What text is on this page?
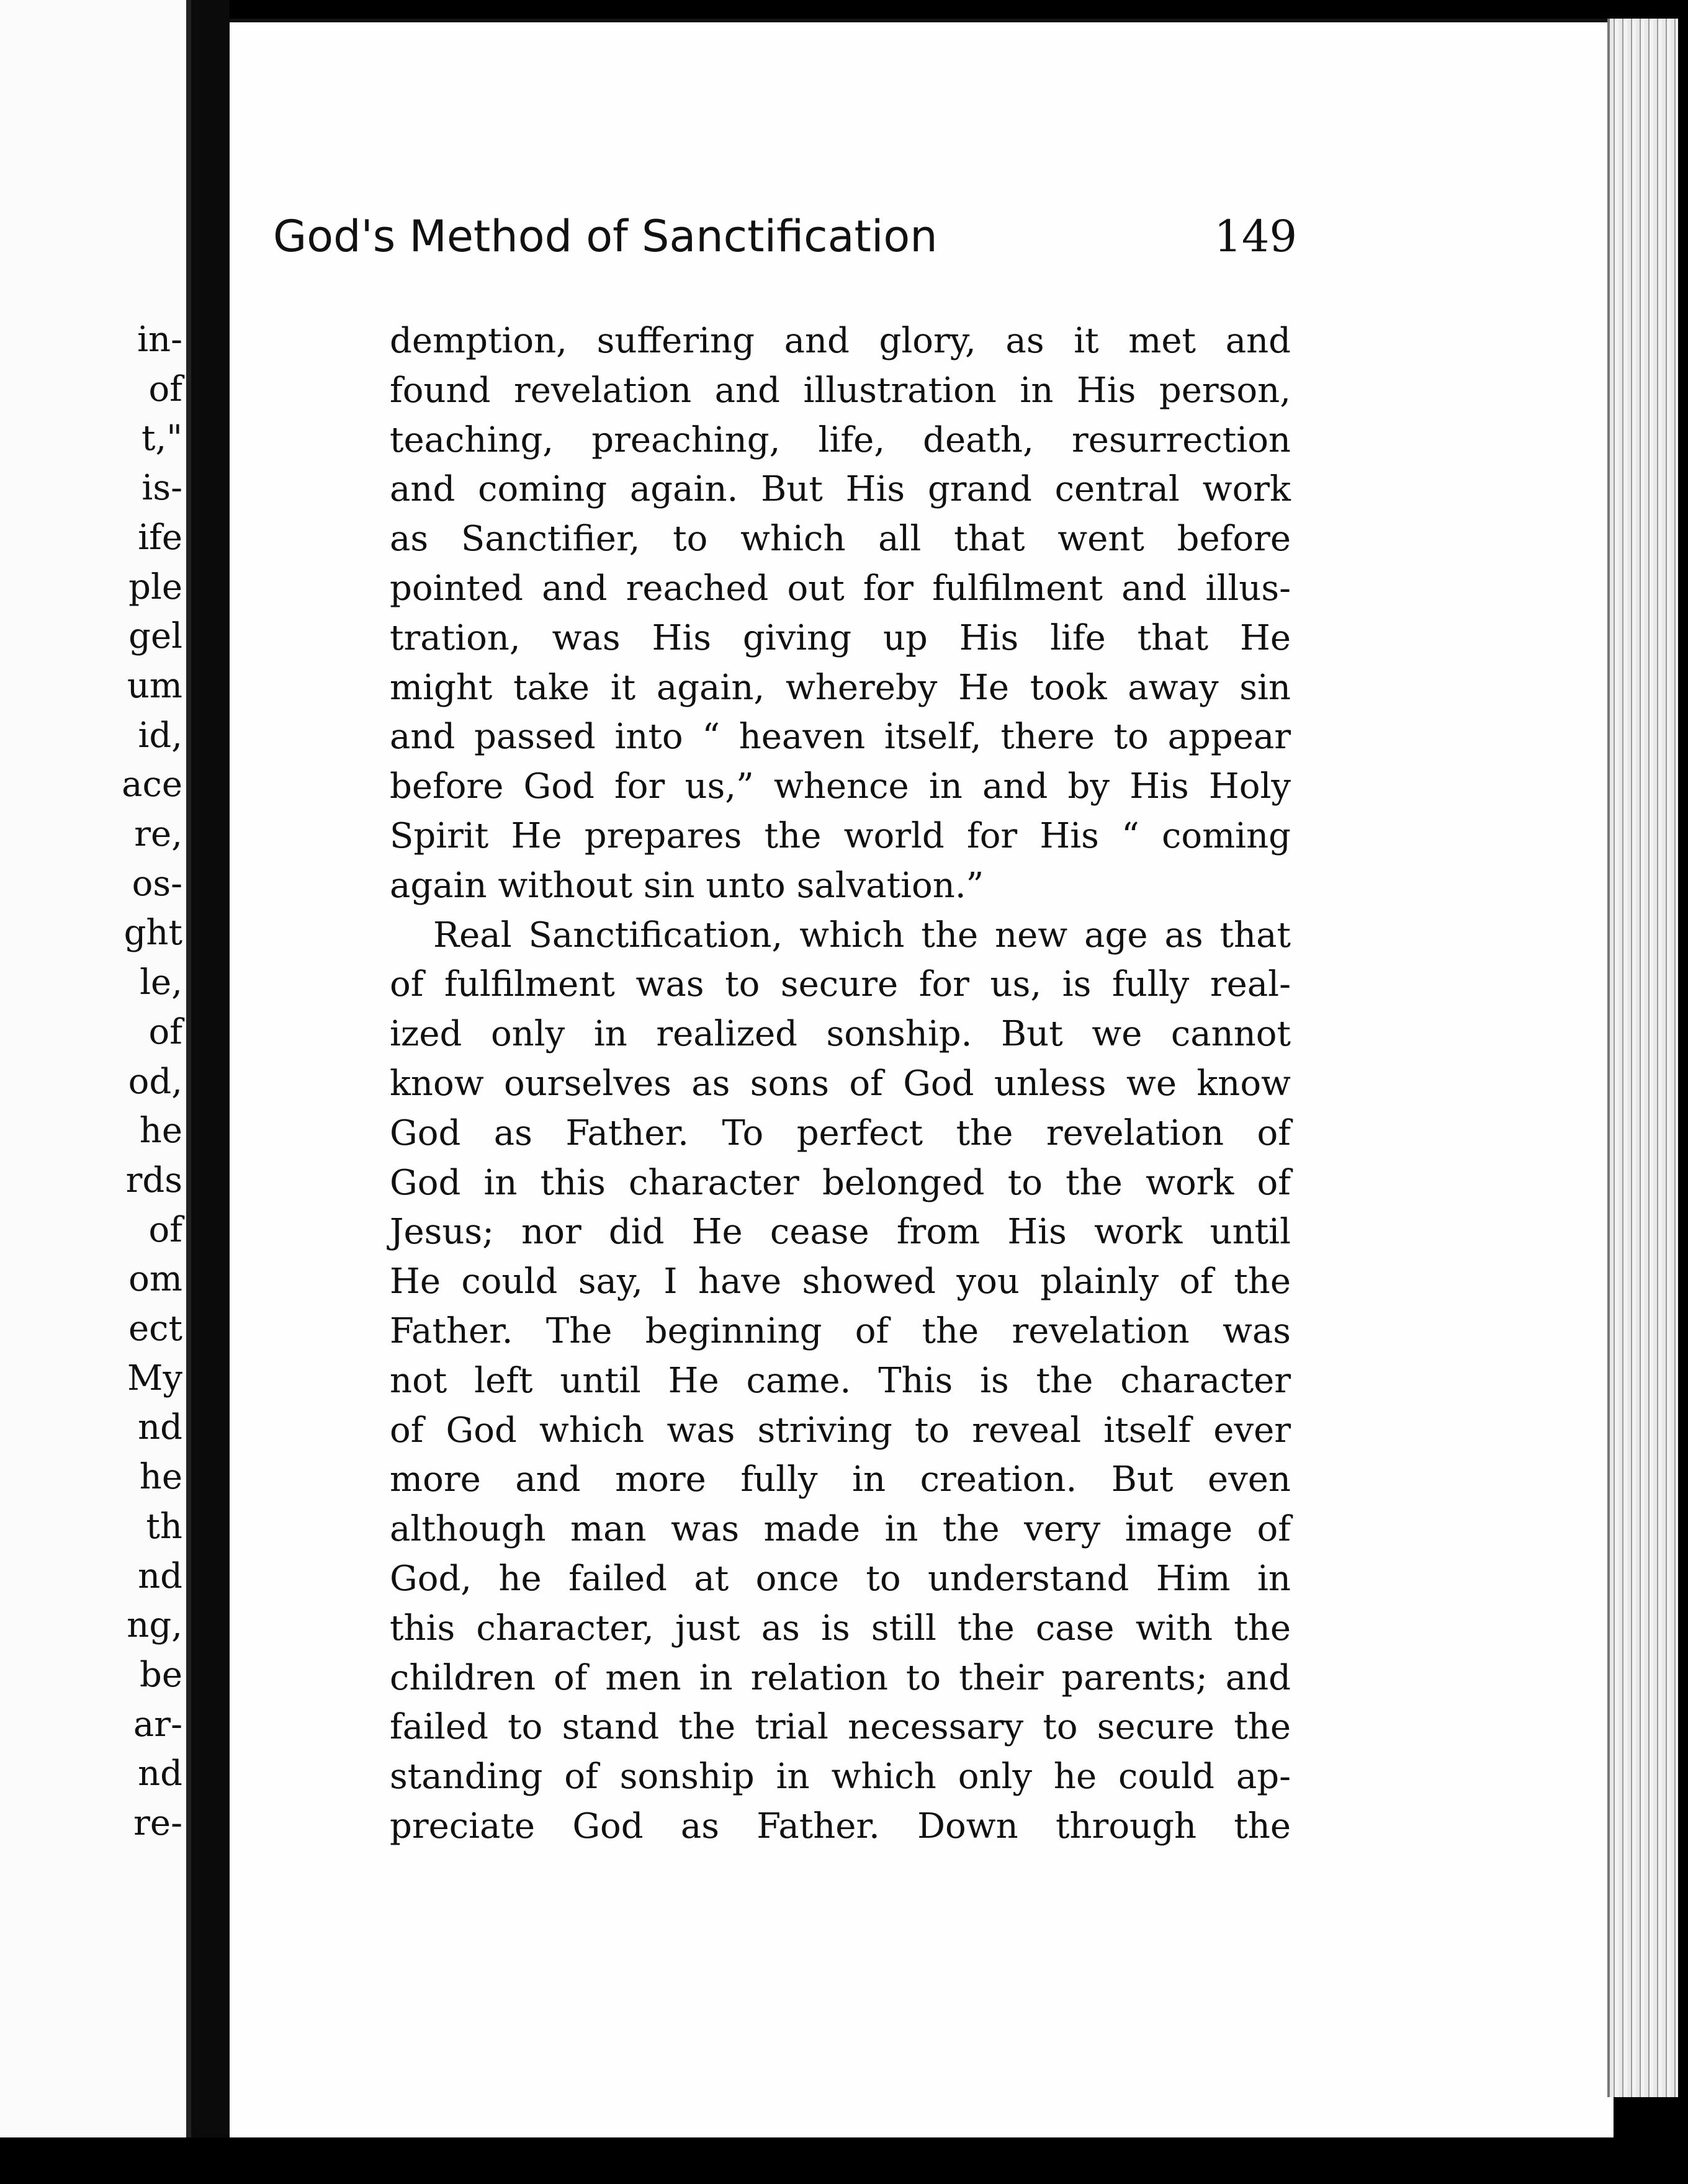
in-
of
t,"
is-
ife
ple
gel
um
id,
ace
re,
os-
ght
le,
of
od,
he
rds
of
om
ect
My
nd
he
th
nd
ng,
be
ar-
nd
re-
God's Method of Sanctification	149
demption, suffering and glory, as it met and
found revelation and illustration in His person,
teaching, preaching, life, death, resurrection
and coming again. But His grand central work
as Sanctifier, to which all that went before
pointed and reached out for fulfilment and illus-
tration, was His giving up His life that He
might take it again, whereby He took away sin
and passed into “ heaven itself, there to appear
before God for us,” whence in and by His Holy
Spirit He prepares the world for His “ coming
again without sin unto salvation.”
Real Sanctification, which the new age as that
of fulfilment was to secure for us, is fully real-
ized only in realized sonship. But we cannot
know ourselves as sons of God unless we know
God as Father. To perfect the revelation of
God in this character belonged to the work of
Jesus; nor did He cease from His work until
He could say, I have showed you plainly of the
Father. The beginning of the revelation was
not left until He came. This is the character
of God which was striving to reveal itself ever
more and more fully in creation. But even
although man was made in the very image of
God, he failed at once to understand Him in
this character, just as is still the case with the
children of men in relation to their parents; and
failed to stand the trial necessary to secure the
standing of sonship in which only he could ap-
preciate God as Father. Down through the
